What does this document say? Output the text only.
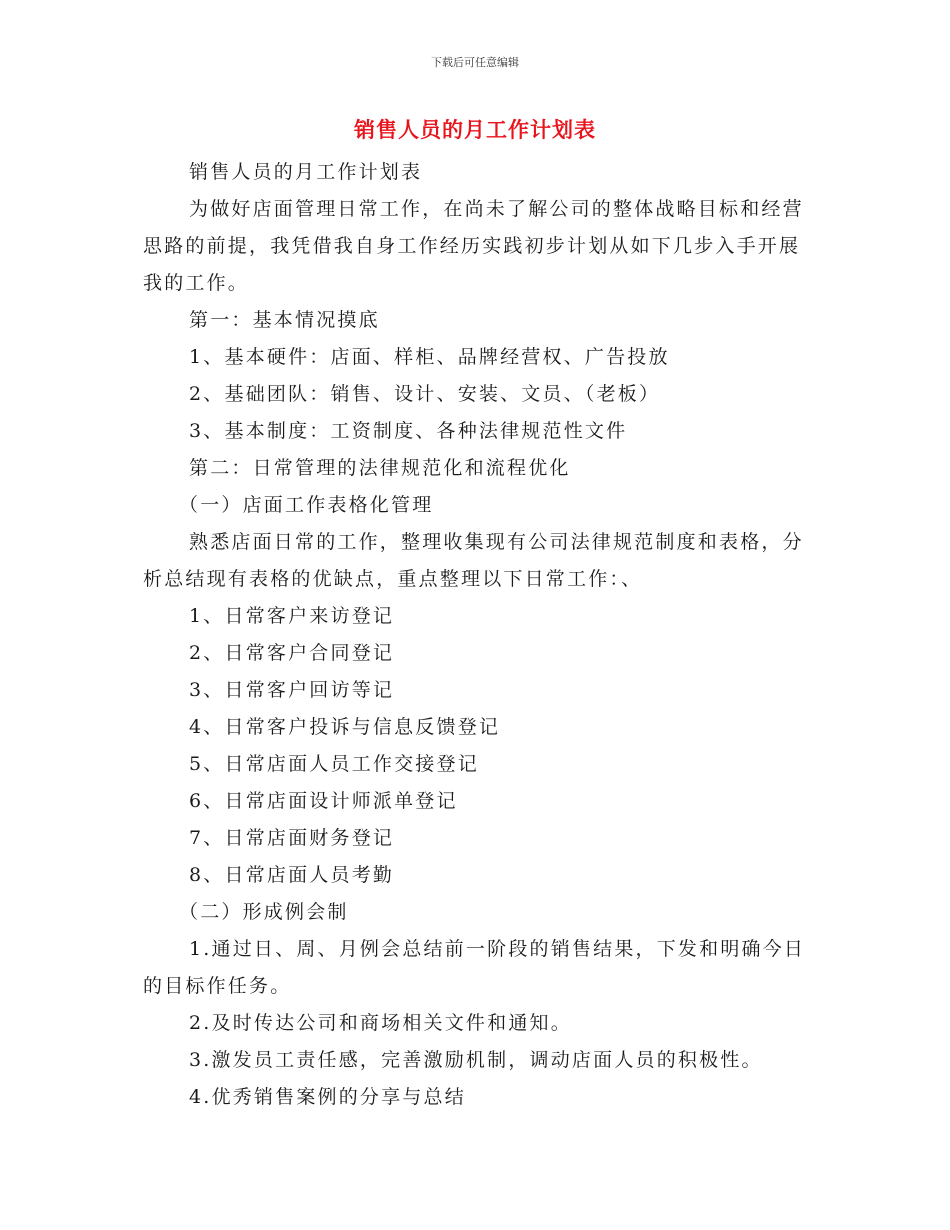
下载后可任意编辑
销售人员的月工作计划表

销售人员的月工作计划表

为做好店面管理日常工作，在尚未了解公司的整体战略目标和经营思路的前提，我凭借我自身工作经历实践初步计划从如下几步入手开展我的工作。

第一：基本情况摸底

1、基本硬件：店面、样柜、品牌经营权、广告投放

2、基础团队：销售、设计、安装、文员、（老板）

3、基本制度：工资制度、各种法律规范性文件

第二：日常管理的法律规范化和流程优化

（一）店面工作表格化管理

熟悉店面日常的工作，整理收集现有公司法律规范制度和表格，分析总结现有表格的优缺点，重点整理以下日常工作：、

1、日常客户来访登记

2、日常客户合同登记

3、日常客户回访等记

4、日常客户投诉与信息反馈登记

5、日常店面人员工作交接登记

6、日常店面设计师派单登记

7、日常店面财务登记

8、日常店面人员考勤

（二）形成例会制

1.通过日、周、月例会总结前一阶段的销售结果，下发和明确今日的目标作任务。

2.及时传达公司和商场相关文件和通知。

3.激发员工责任感，完善激励机制，调动店面人员的积极性。

4.优秀销售案例的分享与总结
